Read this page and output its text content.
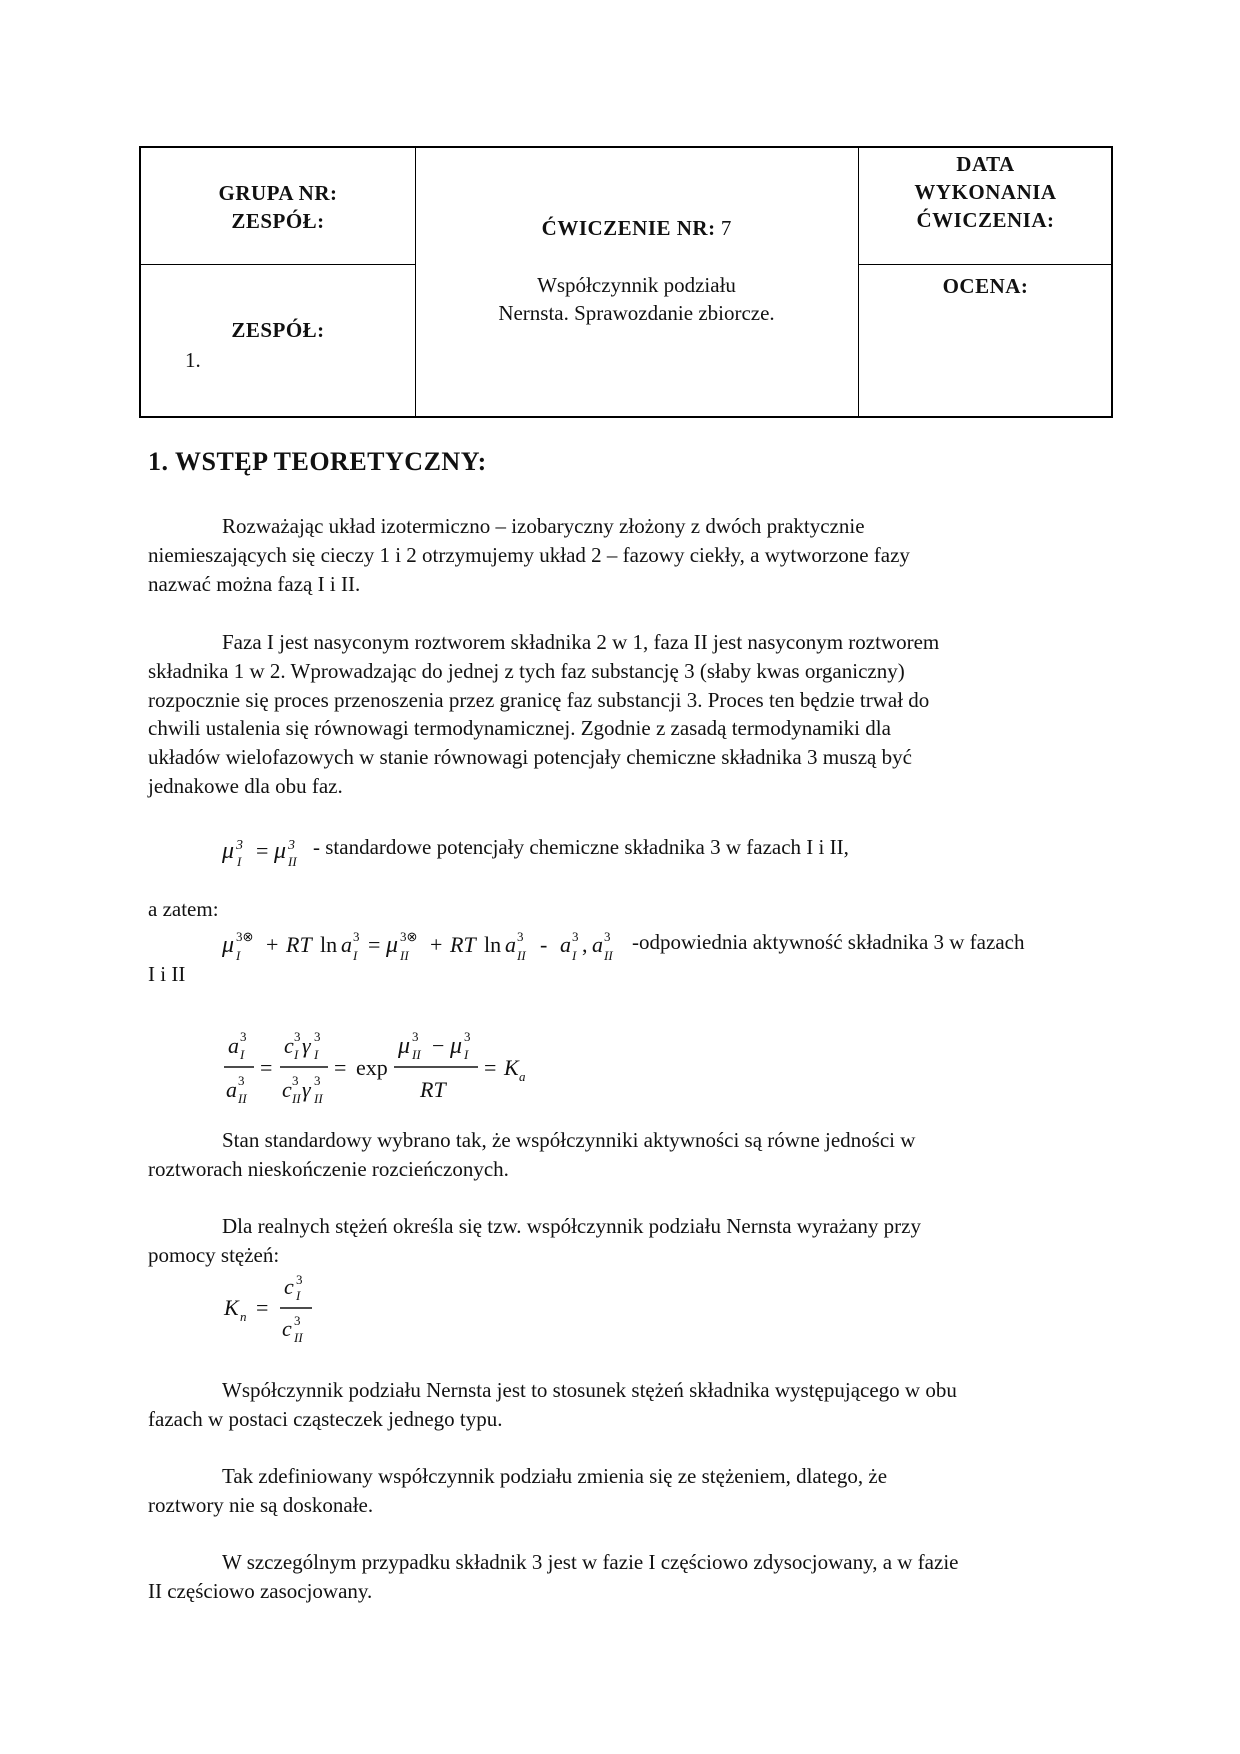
GRUPA NR:
ZESPÓŁ:
ZESPÓŁ:
1.
ĆWICZENIE NR: 7
Współczynnik podziału
Nernsta. Sprawozdanie zbiorcze.
DATA
WYKONANIA
ĆWICZENIA:
OCENA:
1. WSTĘP TEORETYCZNY:
Rozważając układ izotermiczno – izobaryczny złożony z dwóch praktycznie
niemieszających się cieczy 1 i 2 otrzymujemy układ 2 – fazowy ciekły, a wytworzone fazy
nazwać można fazą I i II.
Faza I jest nasyconym roztworem składnika 2 w 1, faza II jest nasyconym roztworem
składnika 1 w 2. Wprowadzając do jednej z tych faz substancję 3 (słaby kwas organiczny)
rozpocznie się proces przenoszenia przez granicę faz substancji 3. Proces ten będzie trwał do
chwili ustalenia się równowagi termodynamicznej. Zgodnie z zasadą termodynamiki dla
układów wielofazowych w stanie równowagi potencjały chemiczne składnika 3 muszą być
jednakowe dla obu faz.
μ 3
I = μ 3
II
- standardowe potencjały chemiczne składnika 3 w fazach I i II,
a zatem:
μ 3⊗
I + RT ln a 3
I = μ 3⊗
II + RT ln a 3
II - a 3
I , a 3
II
-odpowiednia aktywność składnika 3 w fazach
I i II
a 3
I
a 3
II
=
c 3
I γ 3
I
c 3
II γ 3
II
= exp
μ 3
II − μ 3
I
RT
= K a
Stan standardowy wybrano tak, że współczynniki aktywności są równe jedności w
roztworach nieskończenie rozcieńczonych.
Dla realnych stężeń określa się tzw. współczynnik podziału Nernsta wyrażany przy
pomocy stężeń:
K n =
c 3
I
c 3
II
Współczynnik podziału Nernsta jest to stosunek stężeń składnika występującego w obu
fazach w postaci cząsteczek jednego typu.
Tak zdefiniowany współczynnik podziału zmienia się ze stężeniem, dlatego, że
roztwory nie są doskonałe.
W szczególnym przypadku składnik 3 jest w fazie I częściowo zdysocjowany, a w fazie
II częściowo zasocjowany.
